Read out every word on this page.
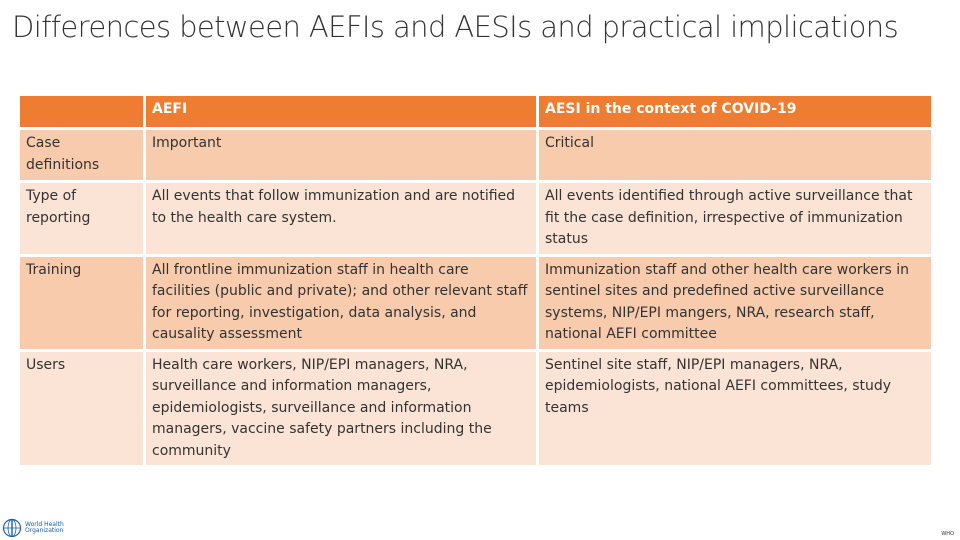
Differences between AEFIs and AESIs and practical implications
	AEFI	AESI in the context of COVID-19
Case definitions	Important	Critical
Type of reporting	All events that follow immunization and are notified to the health care system.	All events identified through active surveillance that fit the case definition, irrespective of immunization status
Training	All frontline immunization staff in health care facilities (public and private); and other relevant staff for reporting, investigation, data analysis, and causality assessment	Immunization staff and other health care workers in sentinel sites and predefined active surveillance systems, NIP/EPI mangers, NRA, research staff, national AEFI committee
Users	Health care workers, NIP/EPI managers, NRA, surveillance and information managers, epidemiologists, surveillance and information managers, vaccine safety partners including the community	Sentinel site staff, NIP/EPI managers, NRA, epidemiologists, national AEFI committees, study teams
World Health
Organization	WHO
